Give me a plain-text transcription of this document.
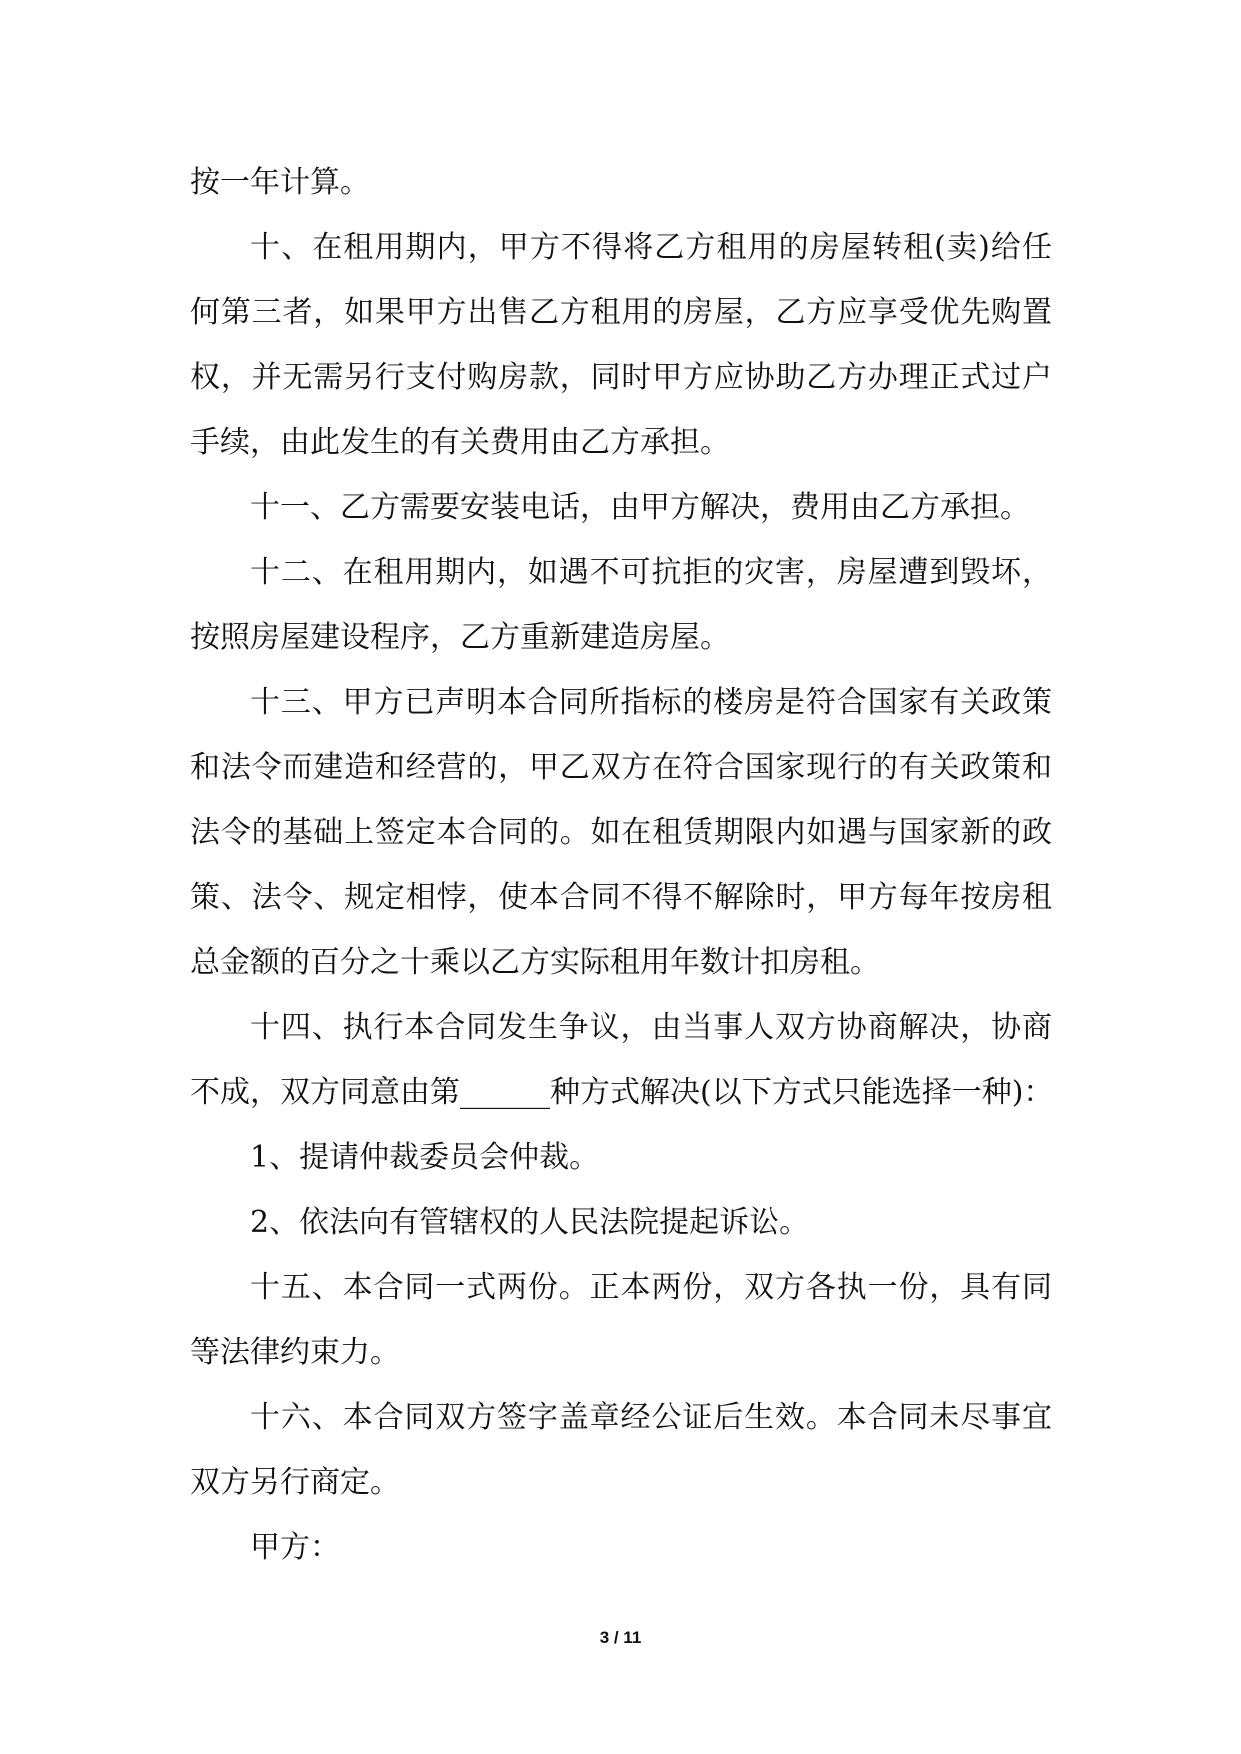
按一年计算。
十、在租用期内，甲方不得将乙方租用的房屋转租(卖)给任
何第三者，如果甲方出售乙方租用的房屋，乙方应享受优先购置
权，并无需另行支付购房款，同时甲方应协助乙方办理正式过户
手续，由此发生的有关费用由乙方承担。
十一、乙方需要安装电话，由甲方解决，费用由乙方承担。
十二、在租用期内，如遇不可抗拒的灾害，房屋遭到毁坏，
按照房屋建设程序，乙方重新建造房屋。
十三、甲方已声明本合同所指标的楼房是符合国家有关政策
和法令而建造和经营的，甲乙双方在符合国家现行的有关政策和
法令的基础上签定本合同的。如在租赁期限内如遇与国家新的政
策、法令、规定相悖，使本合同不得不解除时，甲方每年按房租
总金额的百分之十乘以乙方实际租用年数计扣房租。
十四、执行本合同发生争议，由当事人双方协商解决，协商
不成，双方同意由第______种方式解决(以下方式只能选择一种)：
1、提请仲裁委员会仲裁。
2、依法向有管辖权的人民法院提起诉讼。
十五、本合同一式两份。正本两份，双方各执一份，具有同
等法律约束力。
十六、本合同双方签字盖章经公证后生效。本合同未尽事宜
双方另行商定。
甲方：
3 / 11
